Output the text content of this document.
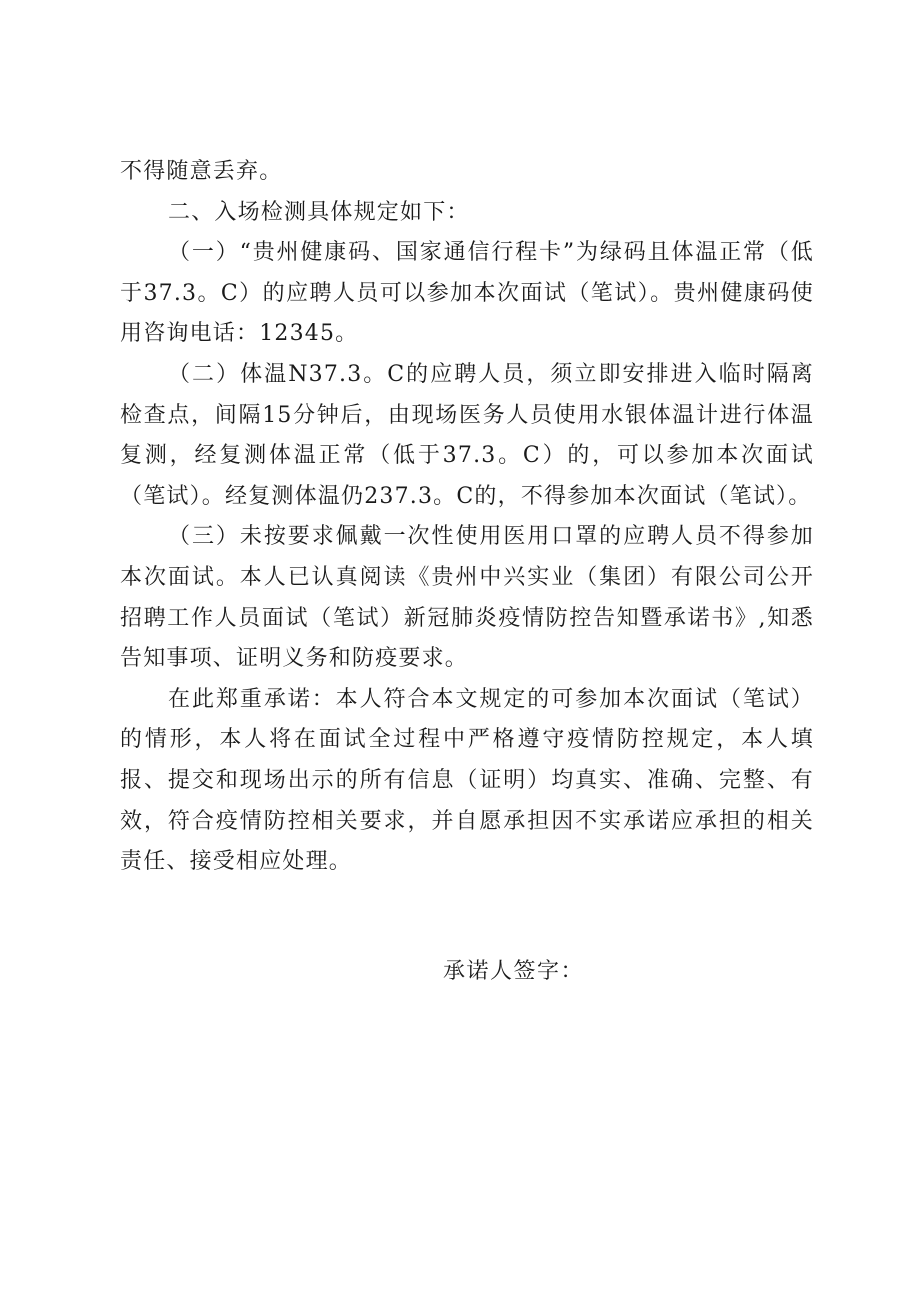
不得随意丢弃。

二、入场检测具体规定如下：

（一）“贵州健康码、国家通信行程卡”为绿码且体温正常（低于37.3。C）的应聘人员可以参加本次面试（笔试）。贵州健康码使用咨询电话：12345。

（二）体温N37.3。C的应聘人员，须立即安排进入临时隔离检查点，间隔15分钟后，由现场医务人员使用水银体温计进行体温复测，经复测体温正常（低于37.3。C）的，可以参加本次面试（笔试）。经复测体温仍237.3。C的，不得参加本次面试（笔试）。

（三）未按要求佩戴一次性使用医用口罩的应聘人员不得参加本次面试。本人已认真阅读《贵州中兴实业（集团）有限公司公开招聘工作人员面试（笔试）新冠肺炎疫情防控告知暨承诺书》,知悉告知事项、证明义务和防疫要求。

在此郑重承诺：本人符合本文规定的可参加本次面试（笔试）的情形，本人将在面试全过程中严格遵守疫情防控规定，本人填报、提交和现场出示的所有信息（证明）均真实、准确、完整、有效，符合疫情防控相关要求，并自愿承担因不实承诺应承担的相关责任、接受相应处理。

承诺人签字：
